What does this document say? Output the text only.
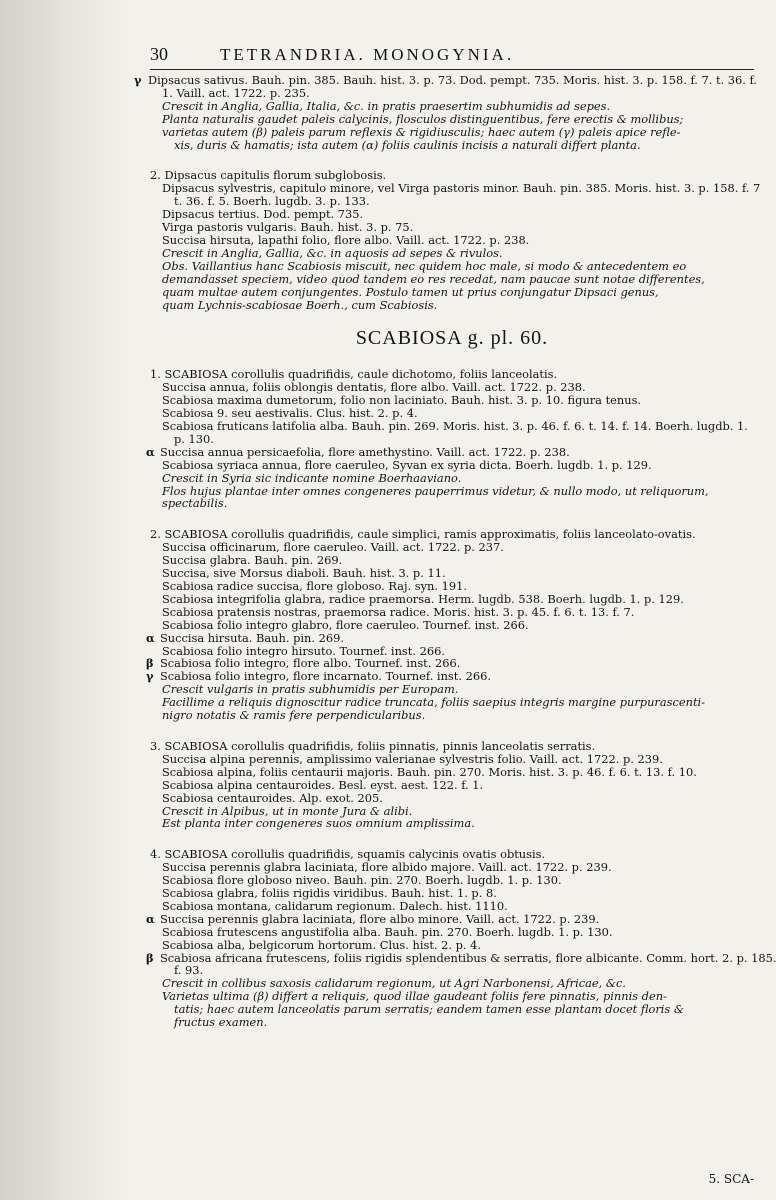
30	TETRANDRIA. MONOGYNIA.
γ Dipsacus sativus. Bauh. pin. 385. Bauh. hist. 3. p. 73. Dod. pempt. 735. Moris. hist. 3. p. 158. f. 7. t. 36. f.
1. Vaill. act. 1722. p. 235.
Crescit in Anglia, Gallia, Italia, &c. in pratis praesertim subhumidis ad sepes.
Planta naturalis gaudet paleis calycinis, flosculos distinguentibus, fere erectis & mollibus;
varietas autem (β) paleis parum reflexis & rigidiusculis; haec autem (γ) paleis apice refle-
xis, duris & hamatis; ista autem (α) foliis caulinis incisis a naturali differt planta.
2. Dipsacus capitulis florum subglobosis.
Dipsacus sylvestris, capitulo minore, vel Virga pastoris minor. Bauh. pin. 385. Moris. hist. 3. p. 158. f. 7
t. 36. f. 5. Boerh. lugdb. 3. p. 133.
Dipsacus tertius. Dod. pempt. 735.
Virga pastoris vulgaris. Bauh. hist. 3. p. 75.
Succisa hirsuta, lapathi folio, flore albo. Vaill. act. 1722. p. 238.
Crescit in Anglia, Gallia, &c. in aquosis ad sepes & rivulos.
Obs. Vaillantius hanc Scabiosis miscuit, nec quidem hoc male, si modo & antecedentem eo
demandasset speciem, video quod tandem eo res recedat, nam paucae sunt notae differentes,
quam multae autem conjungentes. Postulo tamen ut prius conjungatur Dipsaci genus,
quam Lychnis-scabiosae Boerh., cum Scabiosis.
SCABIOSA g. pl. 60.
1. SCABIOSA corollulis quadrifidis, caule dichotomo, foliis lanceolatis.
Succisa annua, foliis oblongis dentatis, flore albo. Vaill. act. 1722. p. 238.
Scabiosa maxima dumetorum, folio non laciniato. Bauh. hist. 3. p. 10. figura tenus.
Scabiosa 9. seu aestivalis. Clus. hist. 2. p. 4.
Scabiosa fruticans latifolia alba. Bauh. pin. 269. Moris. hist. 3. p. 46. f. 6. t. 14. f. 14. Boerh. lugdb. 1.
p. 130.
α Succisa annua persicaefolia, flore amethystino. Vaill. act. 1722. p. 238.
Scabiosa syriaca annua, flore caeruleo, Syvan ex syria dicta. Boerh. lugdb. 1. p. 129.
Crescit in Syria sic indicante nomine Boerhaaviano.
Flos hujus plantae inter omnes congeneres pauperrimus videtur, & nullo modo, ut reliquorum,
spectabilis.
2. SCABIOSA corollulis quadrifidis, caule simplici, ramis approximatis, foliis lanceolato-ovatis.
Succisa officinarum, flore caeruleo. Vaill. act. 1722. p. 237.
Succisa glabra. Bauh. pin. 269.
Succisa, sive Morsus diaboli. Bauh. hist. 3. p. 11.
Scabiosa radice succisa, flore globoso. Raj. syn. 191.
Scabiosa integrifolia glabra, radice praemorsa. Herm. lugdb. 538. Boerh. lugdb. 1. p. 129.
Scabiosa pratensis nostras, praemorsa radice. Moris. hist. 3. p. 45. f. 6. t. 13. f. 7.
Scabiosa folio integro glabro, flore caeruleo. Tournef. inst. 266.
α Succisa hirsuta. Bauh. pin. 269.
Scabiosa folio integro hirsuto. Tournef. inst. 266.
β Scabiosa folio integro, flore albo. Tournef. inst. 266.
γ Scabiosa folio integro, flore incarnato. Tournef. inst. 266.
Crescit vulgaris in pratis subhumidis per Europam.
Facillime a reliquis dignoscitur radice truncata, foliis saepius integris margine purpurascenti-
nigro notatis & ramis fere perpendicularibus.
3. SCABIOSA corollulis quadrifidis, foliis pinnatis, pinnis lanceolatis serratis.
Succisa alpina perennis, amplissimo valerianae sylvestris folio. Vaill. act. 1722. p. 239.
Scabiosa alpina, foliis centaurii majoris. Bauh. pin. 270. Moris. hist. 3. p. 46. f. 6. t. 13. f. 10.
Scabiosa alpina centauroides. Besl. eyst. aest. 122. f. 1.
Scabiosa centauroides. Alp. exot. 205.
Crescit in Alpibus, ut in monte Jura & alibi.
Est planta inter congeneres suos omnium amplissima.
4. SCABIOSA corollulis quadrifidis, squamis calycinis ovatis obtusis.
Succisa perennis glabra laciniata, flore albido majore. Vaill. act. 1722. p. 239.
Scabiosa flore globoso niveo. Bauh. pin. 270. Boerh. lugdb. 1. p. 130.
Scabiosa glabra, foliis rigidis viridibus. Bauh. hist. 1. p. 8.
Scabiosa montana, calidarum regionum. Dalech. hist. 1110.
α Succisa perennis glabra laciniata, flore albo minore. Vaill. act. 1722. p. 239.
Scabiosa frutescens angustifolia alba. Bauh. pin. 270. Boerh. lugdb. 1. p. 130.
Scabiosa alba, belgicorum hortorum. Clus. hist. 2. p. 4.
β Scabiosa africana frutescens, foliis rigidis splendentibus & serratis, flore albicante. Comm. hort. 2. p. 185.
f. 93.
Crescit in collibus saxosis calidarum regionum, ut Agri Narbonensi, Africae, &c.
Varietas ultima (β) differt a reliquis, quod illae gaudeant foliis fere pinnatis, pinnis den-
tatis; haec autem lanceolatis parum serratis; eandem tamen esse plantam docet floris &
fructus examen.
5. SCA-
